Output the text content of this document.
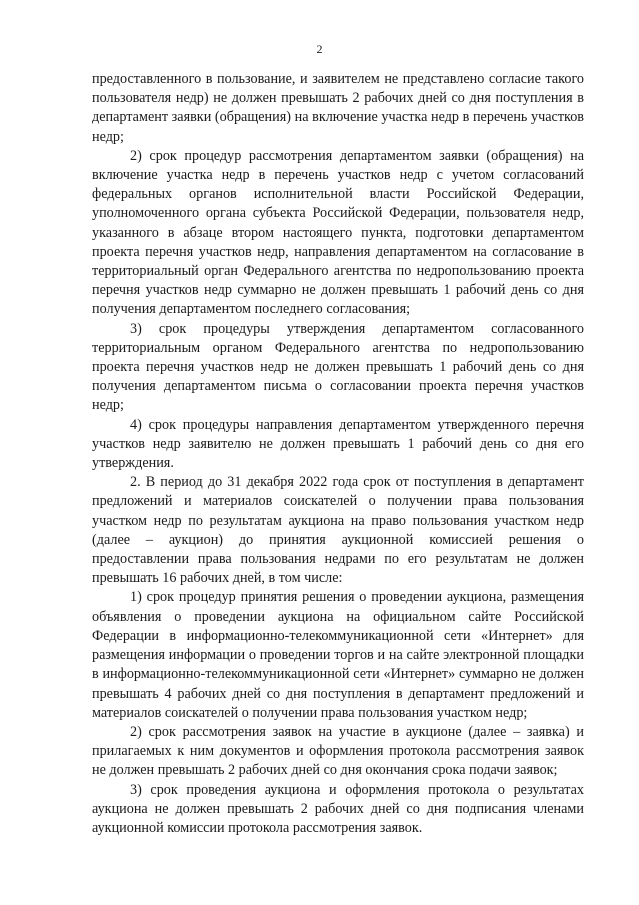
2

предоставленного в пользование, и заявителем не представлено согласие такого пользователя недр) не должен превышать 2 рабочих дней со дня поступления в департамент заявки (обращения) на включение участка недр в перечень участков недр;

2) срок процедур рассмотрения департаментом заявки (обращения) на включение участка недр в перечень участков недр с учетом согласований федеральных органов исполнительной власти Российской Федерации, уполномоченного органа субъекта Российской Федерации, пользователя недр, указанного в абзаце втором настоящего пункта, подготовки департаментом проекта перечня участков недр, направления департаментом на согласование в территориальный орган Федерального агентства по недропользованию проекта перечня участков недр суммарно не должен превышать 1 рабочий день со дня получения департаментом последнего согласования;

3) срок процедуры утверждения департаментом согласованного территориальным органом Федерального агентства по недропользованию проекта перечня участков недр не должен превышать 1 рабочий день со дня получения департаментом письма о согласовании проекта перечня участков недр;

4) срок процедуры направления департаментом утвержденного перечня участков недр заявителю не должен превышать 1 рабочий день со дня его утверждения.

2. В период до 31 декабря 2022 года срок от поступления в департамент предложений и материалов соискателей о получении права пользования участком недр по результатам аукциона на право пользования участком недр (далее – аукцион) до принятия аукционной комиссией решения о предоставлении права пользования недрами по его результатам не должен превышать 16 рабочих дней, в том числе:

1) срок процедур принятия решения о проведении аукциона, размещения объявления о проведении аукциона на официальном сайте Российской Федерации в информационно-телекоммуникационной сети «Интернет» для размещения информации о проведении торгов и на сайте электронной площадки в информационно-телекоммуникационной сети «Интернет» суммарно не должен превышать 4 рабочих дней со дня поступления в департамент предложений и материалов соискателей о получении права пользования участком недр;

2) срок рассмотрения заявок на участие в аукционе (далее – заявка) и прилагаемых к ним документов и оформления протокола рассмотрения заявок не должен превышать 2 рабочих дней со дня окончания срока подачи заявок;

3) срок проведения аукциона и оформления протокола о результатах аукциона не должен превышать 2 рабочих дней со дня подписания членами аукционной комиссии протокола рассмотрения заявок.
